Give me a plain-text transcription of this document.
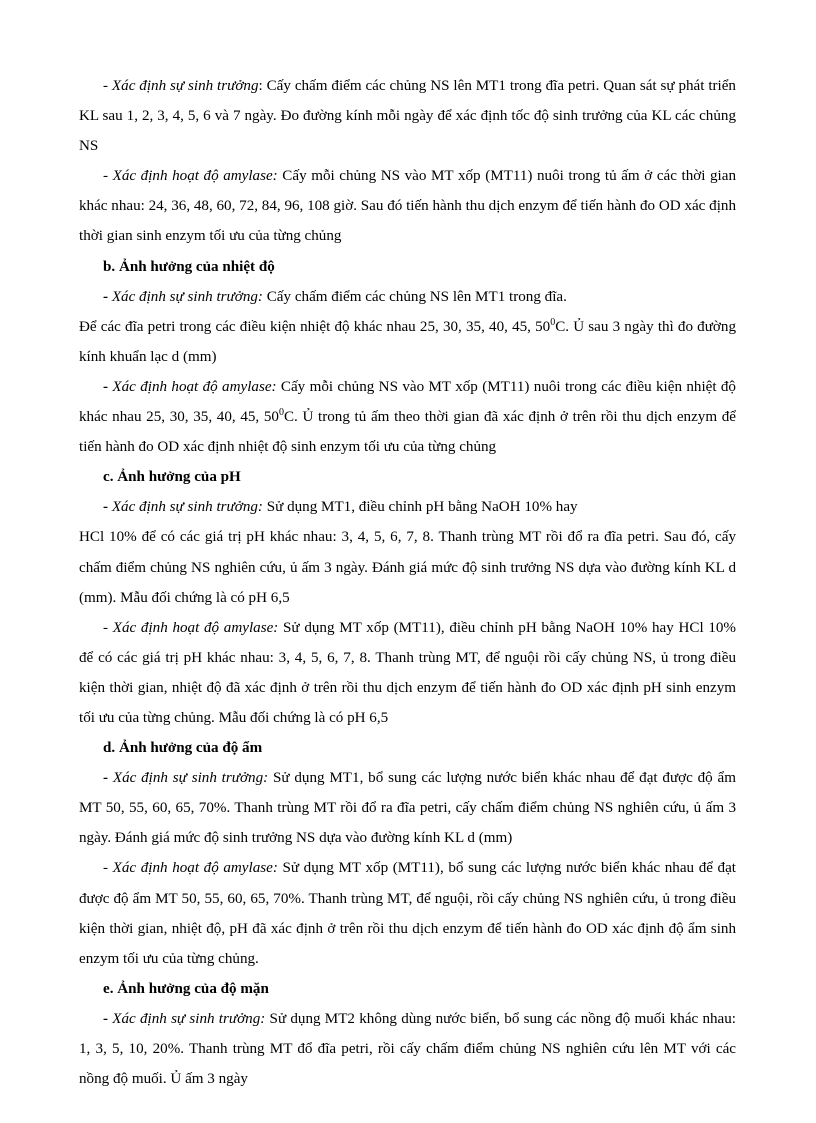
- Xác định sự sinh trưởng: Cấy chấm điểm các chủng NS lên MT1 trong đĩa petri. Quan sát sự phát triển KL sau 1, 2, 3, 4, 5, 6 và 7 ngày. Đo đường kính mỗi ngày để xác định tốc độ sinh trưởng của KL các chủng NS

- Xác định hoạt độ amylase: Cấy mỗi chủng NS vào MT xốp (MT11) nuôi trong tủ ấm ở các thời gian khác nhau: 24, 36, 48, 60, 72, 84, 96, 108 giờ. Sau đó tiến hành thu dịch enzym để tiến hành đo OD xác định thời gian sinh enzym tối ưu của từng chủng

b. Ảnh hưởng của nhiệt độ

- Xác định sự sinh trưởng: Cấy chấm điểm các chủng NS lên MT1 trong đĩa.

Để các đĩa petri trong các điều kiện nhiệt độ khác nhau 25, 30, 35, 40, 45, $50^0C$. Ủ sau 3 ngày thì đo đường kính khuẩn lạc d (mm)

- Xác định hoạt độ amylase: Cấy mỗi chủng NS vào MT xốp (MT11) nuôi trong các điều kiện nhiệt độ khác nhau 25, 30, 35, 40, 45, $50^0C$. Ủ trong tủ ấm theo thời gian đã xác định ở trên rồi thu dịch enzym để tiến hành đo OD xác định nhiệt độ sinh enzym tối ưu của từng chủng

c. Ảnh hưởng của pH

- Xác định sự sinh trưởng: Sử dụng MT1, điều chỉnh pH bằng NaOH 10% hay

HCl 10% để có các giá trị pH khác nhau: 3, 4, 5, 6, 7, 8. Thanh trùng MT rồi đổ ra đĩa petri. Sau đó, cấy chấm điểm chủng NS nghiên cứu, ủ ấm 3 ngày. Đánh giá mức độ sinh trưởng NS dựa vào đường kính KL d (mm). Mẫu đối chứng là có pH 6,5

- Xác định hoạt độ amylase: Sử dụng MT xốp (MT11), điều chỉnh pH bằng NaOH 10% hay HCl 10% để có các giá trị pH khác nhau: 3, 4, 5, 6, 7, 8. Thanh trùng MT, để nguội rồi cấy chủng NS, ủ trong điều kiện thời gian, nhiệt độ đã xác định ở trên rồi thu dịch enzym để tiến hành đo OD xác định pH sinh enzym tối ưu của từng chủng. Mẫu đối chứng là có pH 6,5

d. Ảnh hưởng của độ ẩm

- Xác định sự sinh trưởng: Sử dụng MT1, bổ sung các lượng nước biển khác nhau để đạt được độ ẩm MT 50, 55, 60, 65, 70%. Thanh trùng MT rồi đổ ra đĩa petri, cấy chấm điểm chủng NS nghiên cứu, ủ ấm 3 ngày. Đánh giá mức độ sinh trưởng NS dựa vào đường kính KL d (mm)

- Xác định hoạt độ amylase: Sử dụng MT xốp (MT11), bổ sung các lượng nước biển khác nhau để đạt được độ ẩm MT 50, 55, 60, 65, 70%. Thanh trùng MT, để nguội, rồi cấy chủng NS nghiên cứu, ủ trong điều kiện thời gian, nhiệt độ, pH đã xác định ở trên rồi thu dịch enzym để tiến hành đo OD xác định độ ẩm sinh enzym tối ưu của từng chủng.

e. Ảnh hưởng của độ mặn

- Xác định sự sinh trưởng: Sử dụng MT2 không dùng nước biển, bổ sung các nồng độ muối khác nhau: 1, 3, 5, 10, 20%. Thanh trùng MT đổ đĩa petri, rồi cấy chấm điểm chủng NS nghiên cứu lên MT với các nồng độ muối. Ủ ấm 3 ngày
